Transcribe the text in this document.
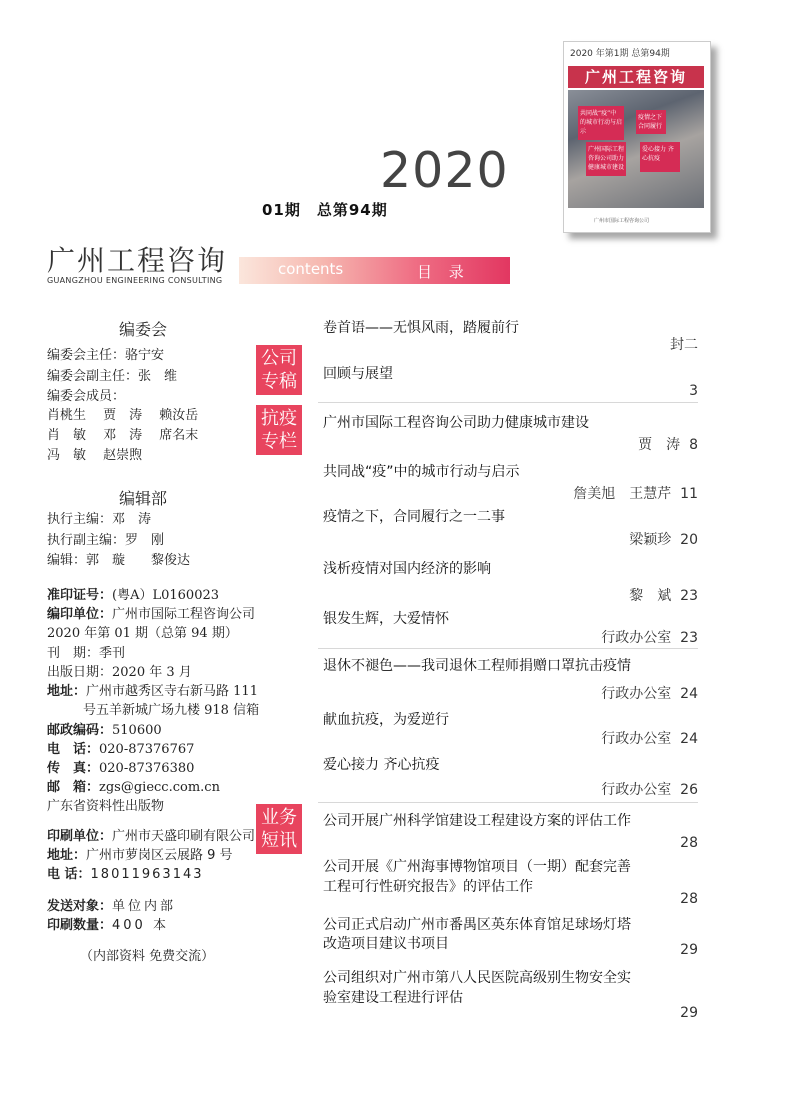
2020 年第1期 总第94期
广州工程咨询
共同战“疫”中的城市行动与启示
疫情之下 合同履行
广州国际工程咨询公司助力健康城市建设
爱心接力 齐心抗疫
广州市国际工程咨询公司
2020
01期　总第94期
广州工程咨询
GUANGZHOU ENGINEERING CONSULTING
contents	目 录
编委会
编委会主任：骆宁安
编委会副主任：张　维
编委会成员：
肖桃生　 贾　涛　 赖汝岳
肖　敏　 邓　涛　 席名末
冯　敏　 赵崇煦
编辑部
执行主编：邓　涛
执行副主编：罗　刚
编辑：郭　璇　　黎俊达
准印证号：(粤A）L0160023
编印单位：广州市国际工程咨询公司
2020 年第 01 期（总第 94 期）
刊　期：季刊
出版日期：2020 年 3 月
地址：广州市越秀区寺右新马路 111
号五羊新城广场九楼 918 信箱
邮政编码：510600
电　话：020-87376767
传　真：020-87376380
邮　箱：zgs@giecc.com.cn
广东省资料性出版物
印刷单位：广州市天盛印刷有限公司
地址：广州市萝岗区云展路 9 号
电 话：18011963143
发送对象：单位内部
印刷数量：400 本
（内部资料 免费交流）
公司
专稿
抗疫
专栏
业务
短讯
卷首语——无惧风雨，踏履前行
封二
回顾与展望
3
广州市国际工程咨询公司助力健康城市建设
贾　涛 8
共同战“疫”中的城市行动与启示
詹美旭　王慧芹 11
疫情之下，合同履行之一二事
梁颖珍 20
浅析疫情对国内经济的影响
黎　斌 23
银发生辉，大爱情怀
行政办公室 23
退休不褪色——我司退休工程师捐赠口罩抗击疫情
行政办公室 24
献血抗疫，为爱逆行
行政办公室 24
爱心接力 齐心抗疫
行政办公室 26
公司开展广州科学馆建设工程建设方案的评估工作
28
公司开展《广州海事博物馆项目（一期）配套完善
工程可行性研究报告》的评估工作
28
公司正式启动广州市番禺区英东体育馆足球场灯塔
改造项目建议书项目	29
公司组织对广州市第八人民医院高级别生物安全实
验室建设工程进行评估
29
